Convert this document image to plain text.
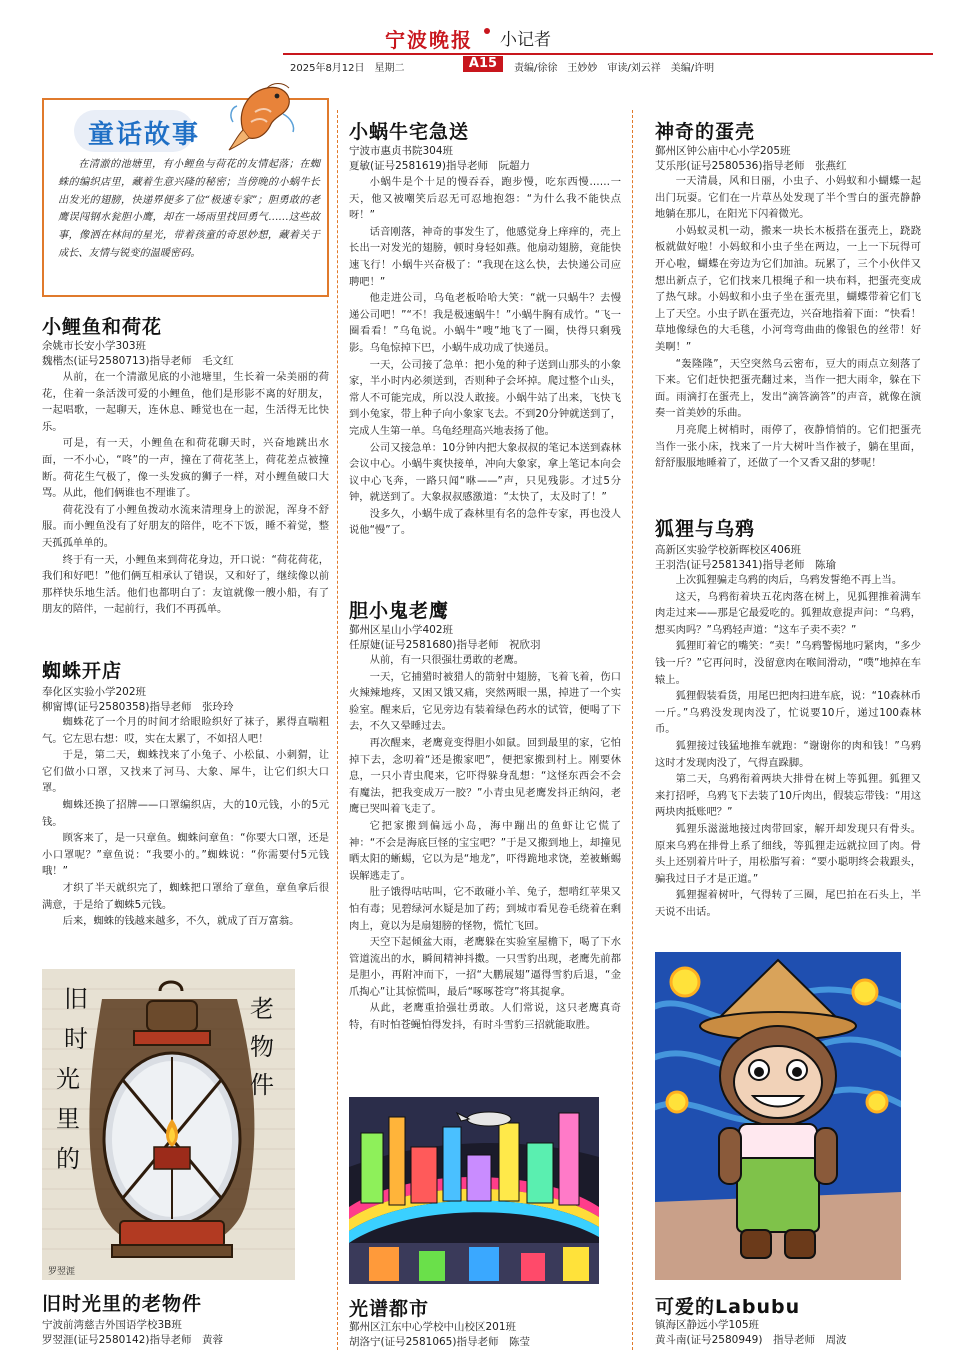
宁波晚报 小记者
2025年8月12日　星期二	A15	责编/徐徐　王妙妙　审读/刘云祥　美编/许明
童话故事
在清澈的池塘里，有小鲤鱼与荷花的友情起落；在蜘蛛的编织店里，藏着生意兴隆的秘密；当傍晚的小蜗牛长出发光的翅膀，快递界便多了位“极速专家”；胆勇敢的老鹰误闯钢水瓮胆小鹰，却在一场雨里找回勇气……这些故事，像洒在林间的星光，带着孩童的奇思妙想，藏着关于成长、友情与锐变的温暖密码。
小鲤鱼和荷花
余姚市长安小学303班
魏楷杰(证号2580713)指导老师　毛文红

从前，在一个清澈见底的小池塘里，生长着一朵美丽的荷花，住着一条活泼可爱的小鲤鱼，他们是形影不离的好朋友，一起唱歌，一起聊天，连休息、睡觉也在一起，生活得无比快乐。

可是，有一天，小鲤鱼在和荷花聊天时，兴奋地跳出水面，一不小心，“咚”的一声，撞在了荷花茎上，荷花差点被撞断。荷花生气极了，像一头发疯的狮子一样，对小鲤鱼破口大骂。从此，他们俩谁也不理谁了。

荷花没有了小鲤鱼拨动水流来清理身上的淤泥，浑身不舒服。而小鲤鱼没有了好朋友的陪伴，吃不下饭，睡不着觉，整天孤孤单单的。

终于有一天，小鲤鱼来到荷花身边，开口说：“荷花荷花，我们和好吧！”他们俩互相承认了错误，又和好了，继续像以前那样快乐地生活。他们也都明白了：友谊就像一艘小船，有了朋友的陪伴，一起前行，我们不再孤单。

蜘蛛开店
奉化区实验小学202班
柳甯博(证号2580358)指导老师　张玲玲

蜘蛛花了一个月的时间才给眼睑织好了袜子，累得直喘粗气。它左思右想：哎，实在太累了，不如招人吧！

于是，第二天，蜘蛛找来了小兔子、小松鼠、小刺猬，让它们做小口罩，又找来了河马、大象、犀牛，让它们织大口罩。

蜘蛛还换了招牌——口罩编织店，大的10元钱，小的5元钱。

顾客来了，是一只章鱼。蜘蛛问章鱼：“你要大口罩，还是小口罩呢？”章鱼说：“我要小的。”蜘蛛说：“你需要付5元钱哦！”

才织了半天就织完了，蜘蛛把口罩给了章鱼，章鱼拿后很满意，于是给了蜘蛛5元钱。

后来，蜘蛛的钱越来越多，不久，就成了百万富翁。

旧
时
光
里
的
老
物
件
罗翌涯
旧时光里的老物件
宁波前湾慈吉外国语学校3B班
罗翌涯(证号2580142)指导老师　黄蓉
小蜗牛宅急送
宁波市惠贞书院304班
夏敏(证号2581619)指导老师　阮超力

小蜗牛是个十足的慢吞吞，跑步慢，吃东西慢……一天，他又被嘲笑后忍无可忍地抱怨：“为什么我不能快点呀！”

话音刚落，神奇的事发生了，他感觉身上痒痒的，壳上长出一对发光的翅膀，顿时身轻如燕。他扇动翅膀，竟能快速飞行！小蜗牛兴奋极了：“我现在这么快，去快递公司应聘吧！”

他走进公司，乌龟老板哈哈大笑：“就一只蜗牛？去慢递公司吧！”“不！我是极速蜗牛！”小蜗牛胸有成竹。“飞一圈看看！”乌龟说。小蜗牛“嗖”地飞了一圈，快得只剩残影。乌龟惊掉下巴，小蜗牛成功成了快递员。

一天，公司接了急单：把小兔的种子送到山那头的小象家，半小时内必须送到，否则种子会坏掉。爬过整个山头，常人不可能完成，所以没人敢接。小蜗牛站了出来，飞快飞到小兔家，带上种子向小象家飞去。不到20分钟就送到了，完成人生第一单。乌龟经理高兴地表扬了他。

公司又接急单：10分钟内把大象叔叔的笔记本送到森林会议中心。小蜗牛爽快接单，冲向大象家，拿上笔记本向会议中心飞奔，一路只闻“咻——”声，只见残影。才过5分钟，就送到了。大象叔叔感激道：“太快了，太及时了！”

没多久，小蜗牛成了森林里有名的急件专家，再也没人说他“慢”了。

胆小鬼老鹰
鄞州区星山小学402班
任原婕(证号2581680)指导老师　祝欣羽

从前，有一只很强壮勇敢的老鹰。

一天，它捕猎时被猎人的箭射中翅膀，飞着飞着，伤口火辣辣地疼，又困又饿又痛，突然两眼一黑，掉进了一个实验室。醒来后，它见旁边有装着绿色药水的试管，便喝了下去，不久又晕睡过去。

再次醒来，老鹰竟变得胆小如鼠。回到最里的家，它怕掉下去，念叨着“还是搬家吧”，便把家搬到村上。刚要休息，一只小青虫爬来，它吓得躲身乱想：“这怪东西会不会有魔法，把我变成万一胶？”小青虫见老鹰发抖正纳闷，老鹰已哭叫着飞走了。

它把家搬到偏远小岛，海中蹦出的鱼虾让它慌了神：“不会是海底巨怪的宝宝吧？”于是又搬到地上，却撞见晒太阳的蜥蜴，它以为是“地龙”，吓得跪地求饶，差被蜥蜴误解逃走了。

肚子饿得咕咕叫，它不敢碰小羊、兔子，想啃红苹果又怕有毒；见碧绿河水疑是加了药；到城市看见卷毛绕着在剩肉上，竟以为是扇翅膀的怪物，慌忙飞回。

天空下起倾盆大雨，老鹰躲在实验室屋檐下，喝了下水管道流出的水，瞬间精神抖擞。一只雪豹出现，老鹰先前都是胆小，再附冲而下，一招“大鹏展翅”逼得雪豹后退，“金爪掏心”让其惊慌叫，最后“啄啄苍穹”将其捉拿。

从此，老鹰重拾强壮勇敢。人们常说，这只老鹰真奇特，有时怕苍蝇怕得发抖，有时斗雪豹三招就能取胜。

光谱都市
鄞州区江东中心学校中山校区201班
胡洛宁(证号2581065)指导老师　陈莹
神奇的蛋壳
鄞州区钟公庙中心小学205班
艾乐彤(证号2580536)指导老师　张燕红

一天清晨，风和日丽，小虫子、小妈蚁和小蝴蝶一起出门玩耍。它们在一片草丛处发现了半个雪白的蛋壳静静地躺在那儿，在阳光下闪着微光。

小妈蚁灵机一动，搬来一块长木板搭在蛋壳上，跷跷板就做好啦！小妈蚁和小虫子坐在两边，一上一下玩得可开心啦，蝴蝶在旁边为它们加油。玩累了，三个小伙伴又想出新点子，它们找来几根绳子和一块布料，把蛋壳变成了热气球。小妈蚁和小虫子坐在蛋壳里，蝴蝶带着它们飞上了天空。小虫子趴在蛋壳边，兴奋地指着下面：“快看！草地像绿色的大毛毯，小河弯弯曲曲的像银色的丝带！好美啊！”

“轰隆隆”，天空突然乌云密布，豆大的雨点立刻落了下来。它们赶快把蛋壳翻过来，当作一把大雨伞，躲在下面。雨滴打在蛋壳上，发出“滴答滴答”的声音，就像在演奏一首美妙的乐曲。

月亮爬上树梢时，雨停了，夜静悄悄的。它们把蛋壳当作一张小床，找来了一片大树叶当作被子，躺在里面，舒舒服服地睡着了，还做了一个又香又甜的梦呢！

狐狸与乌鸦
高新区实验学校新晖校区406班
王羽浩(证号2581341)指导老师　陈瑜

上次狐狸骗走乌鸦的肉后，乌鸦发誓绝不再上当。

这天，乌鸦衔着块五花肉落在树上，见狐狸推着满车肉走过来——那是它最爱吃的。狐狸故意提声问：“乌鸦，想买肉吗？”乌鸦轻声道：“这车子卖不卖？”

狐狸盯着它的嘴笑：“卖！”乌鸦警惕地叼紧肉，“多少钱一斤？”它再问时，没留意肉在喉间滑动，“噗”地掉在车辕上。

狐狸假装看货，用尾巴把肉扫进车底，说：“10森林币一斤。”乌鸦没发现肉没了，忙说要10斤，递过100森林币。

狐狸接过钱猛地推车就跑：“谢谢你的肉和钱！”乌鸦这时才发现肉没了，气得直跺脚。

第二天，乌鸦衔着两块大排骨在树上等狐狸。狐狸又来打招呼，乌鸦飞下去装了10斤肉出，假装忘带钱：“用这两块肉抵账吧？”

狐狸乐滋滋地接过肉带回家，解开却发现只有骨头。原来乌鸦在排骨上系了细线，等狐狸走远就拉回了肉。骨头上还别着片叶子，用松脂写着：“要小聪明终会栽跟头，骗我过日子才是正道。”

狐狸握着树叶，气得转了三圈，尾巴拍在石头上，半天说不出话。

可爱的Labubu
镇海区静远小学105班
黄斗南(证号2580949)　指导老师　周波
